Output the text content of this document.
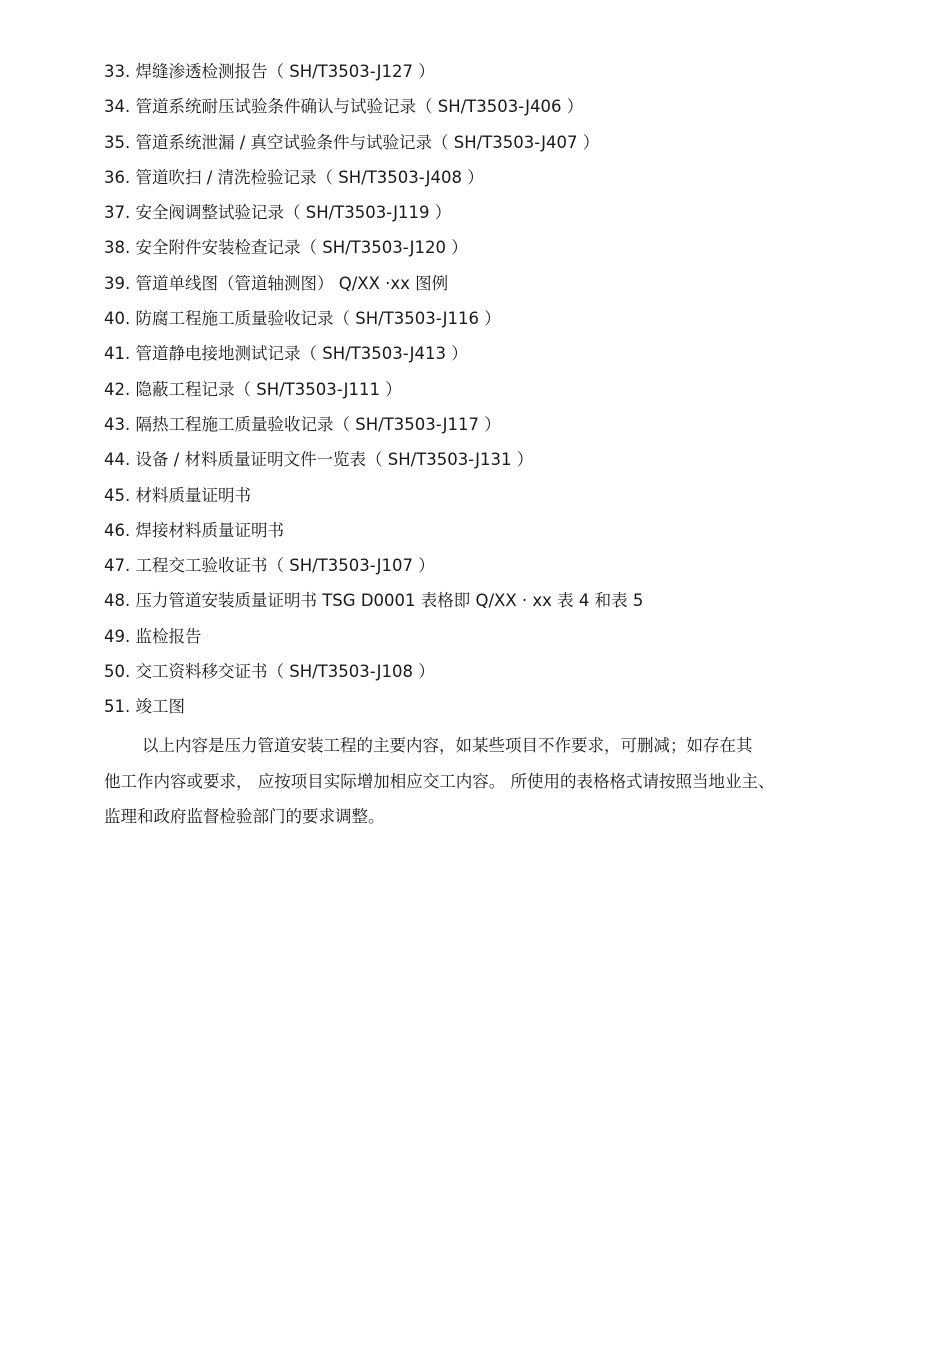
33. 焊缝渗透检测报告（ SH/T3503-J127 ）
34. 管道系统耐压试验条件确认与试验记录（ SH/T3503-J406 ）
35. 管道系统泄漏 / 真空试验条件与试验记录（ SH/T3503-J407 ）
36. 管道吹扫 / 清洗检验记录（ SH/T3503-J408 ）
37. 安全阀调整试验记录（ SH/T3503-J119 ）
38. 安全附件安装检查记录（ SH/T3503-J120 ）
39. 管道单线图（管道轴测图） Q/XX ·xx 图例
40. 防腐工程施工质量验收记录（ SH/T3503-J116 ）
41. 管道静电接地测试记录（ SH/T3503-J413 ）
42. 隐蔽工程记录（ SH/T3503-J111 ）
43. 隔热工程施工质量验收记录（ SH/T3503-J117 ）
44. 设备 / 材料质量证明文件一览表（ SH/T3503-J131 ）
45. 材料质量证明书
46. 焊接材料质量证明书
47. 工程交工验收证书（ SH/T3503-J107 ）
48. 压力管道安装质量证明书 TSG D0001 表格即 Q/XX · xx 表 4 和表 5
49. 监检报告
50. 交工资料移交证书（ SH/T3503-J108 ）
51. 竣工图
以上内容是压力管道安装工程的主要内容，如某些项目不作要求，可删减；如存在其
他工作内容或要求， 应按项目实际增加相应交工内容。 所使用的表格格式请按照当地业主、
监理和政府监督检验部门的要求调整。
